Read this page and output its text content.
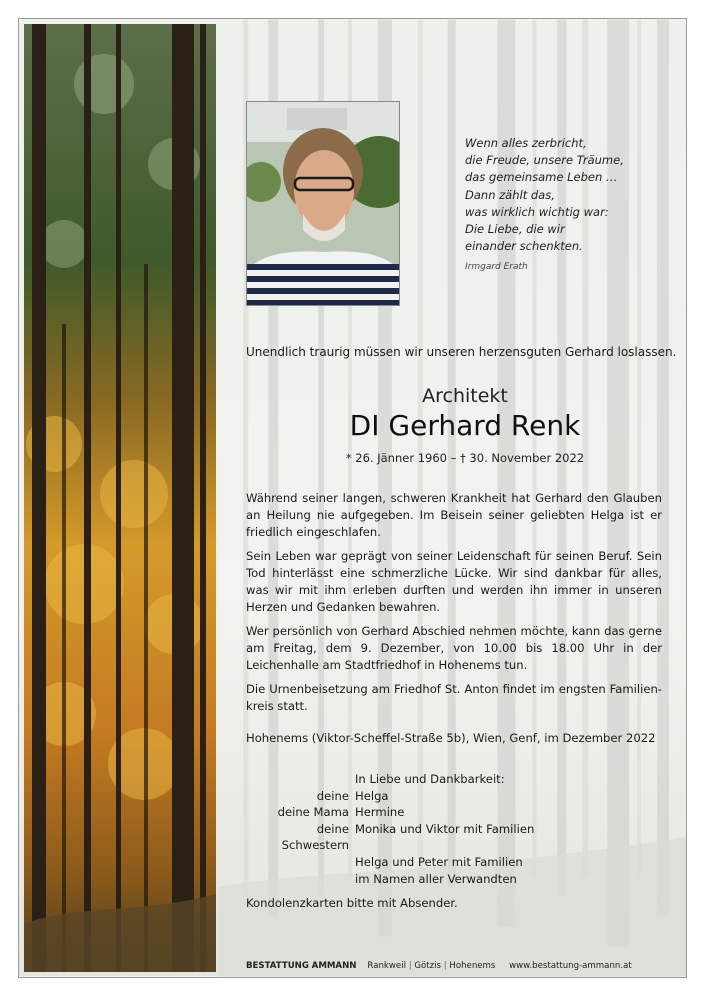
Wenn alles zerbricht,
die Freude, unsere Träume,
das gemeinsame Leben …
Dann zählt das,
was wirklich wichtig war:
Die Liebe, die wir
einander schenkten.
Irmgard Erath
Unendlich traurig müssen wir unseren herzensguten Gerhard loslassen.
Architekt
DI Gerhard Renk
* 26. Jänner 1960 – † 30. November 2022

Während seiner langen, schweren Krankheit hat Gerhard den Glauben an Heilung nie aufgegeben. Im Beisein seiner geliebten Helga ist er friedlich eingeschlafen.

Sein Leben war geprägt von seiner Leidenschaft für seinen Beruf. Sein Tod hinterlässt eine schmerzliche Lücke. Wir sind dankbar für alles, was wir mit ihm erleben durften und werden ihn immer in unseren Herzen und Gedanken bewahren.

Wer persönlich von Gerhard Abschied nehmen möchte, kann das gerne am Freitag, dem 9. Dezember, von 10.00 bis 18.00 Uhr in der Leichenhalle am Stadtfriedhof in Hohenems tun.

Die Urnenbeisetzung am Friedhof St. Anton findet im engsten Familien-kreis statt.

Hohenems (Viktor-Scheffel-Straße 5b), Wien, Genf, im Dezember 2022
In Liebe und Dankbarkeit:
deine Helga
deine Mama Hermine
deine Schwestern
Monika und Viktor mit Familien
Helga und Peter mit Familien
im Namen aller Verwandten
Kondolenzkarten bitte mit Absender.
BESTATTUNG AMMANN Rankweil | Götzis | Hohenems www.bestattung-ammann.at
